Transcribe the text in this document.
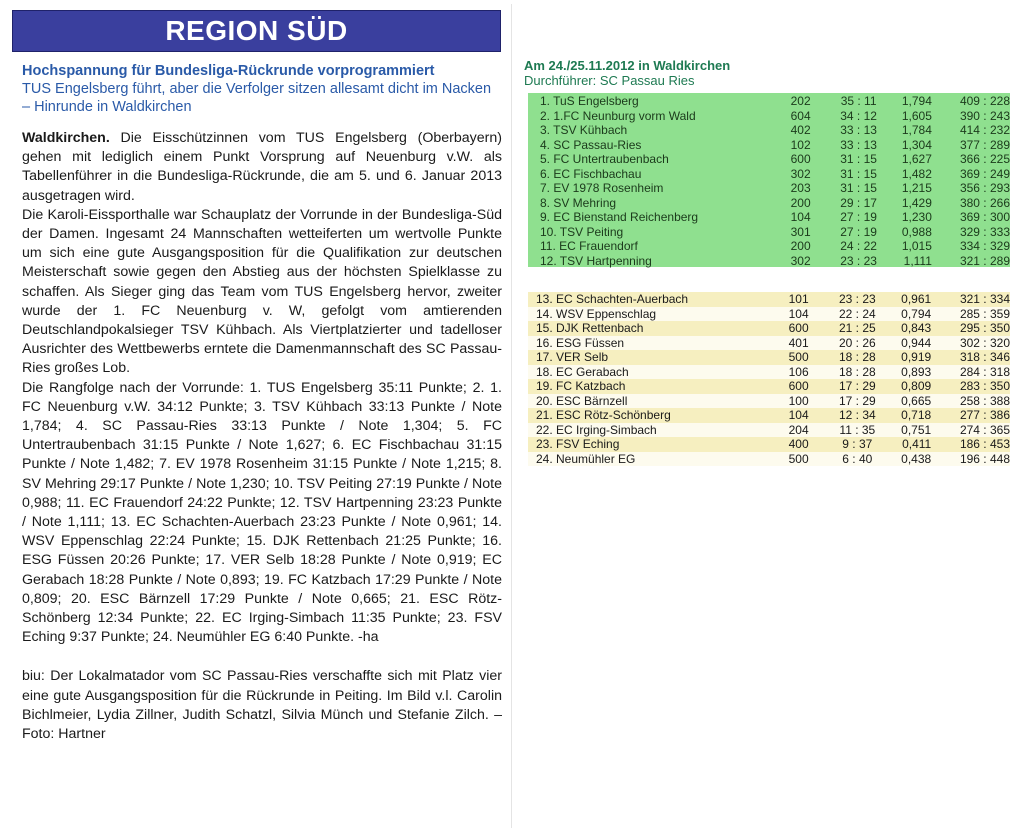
REGION SÜD

Hochspannung für Bundesliga-Rückrunde vorprogrammiert

TUS Engelsberg führt, aber die Verfolger sitzen allesamt dicht im Nacken – Hinrunde in Waldkirchen

Waldkirchen. Die Eisschützinnen vom TUS Engelsberg (Oberbayern) gehen mit lediglich einem Punkt Vorsprung auf Neuenburg v.W. als Tabellenführer in die Bundesliga-Rückrunde, die am 5. und 6. Januar 2013 ausgetragen wird.

Die Karoli-Eissporthalle war Schauplatz der Vorrunde in der Bundesliga-Süd der Damen. Ingesamt 24 Mannschaften wetteiferten um wertvolle Punkte um sich eine gute Ausgangsposition für die Qualifikation zur deutschen Meisterschaft sowie gegen den Abstieg aus der höchsten Spielklasse zu schaffen. Als Sieger ging das Team vom TUS Engelsberg hervor, zweiter wurde der 1. FC Neuenburg v. W, gefolgt vom amtierenden Deutschlandpokalsieger TSV Kühbach. Als Viertplatzierter und tadelloser Ausrichter des Wettbewerbs erntete die Damenmannschaft des SC Passau-Ries großes Lob.

Die Rangfolge nach der Vorrunde: 1. TUS Engelsberg 35:11 Punkte; 2. 1. FC Neuenburg v.W. 34:12 Punkte; 3. TSV Kühbach 33:13 Punkte / Note 1,784; 4. SC Passau-Ries 33:13 Punkte / Note 1,304; 5. FC Untertraubenbach 31:15 Punkte / Note 1,627; 6. EC Fischbachau 31:15 Punkte / Note 1,482; 7. EV 1978 Rosenheim 31:15 Punkte / Note 1,215; 8. SV Mehring 29:17 Punkte / Note 1,230; 10. TSV Peiting 27:19 Punkte / Note 0,988; 11. EC Frauendorf 24:22 Punkte; 12. TSV Hartpenning 23:23 Punkte / Note 1,111; 13. EC Schachten-Auerbach 23:23 Punkte / Note 0,961; 14. WSV Eppenschlag 22:24 Punkte; 15. DJK Rettenbach 21:25 Punkte; 16. ESG Füssen 20:26 Punkte; 17. VER Selb 18:28 Punkte / Note 0,919; EC Gerabach 18:28 Punkte / Note 0,893; 19. FC Katzbach 17:29 Punkte / Note 0,809; 20. ESC Bärnzell 17:29 Punkte / Note 0,665; 21. ESC Rötz-Schönberg 12:34 Punkte; 22. EC Irging-Simbach 11:35 Punkte; 23. FSV Eching 9:37 Punkte; 24. Neumühler EG 6:40 Punkte. -ha

biu: Der Lokalmatador vom SC Passau-Ries verschaffte sich mit Platz vier eine gute Ausgangsposition für die Rückrunde in Peiting. Im Bild v.l. Carolin Bichlmeier, Lydia Zillner, Judith Schatzl, Silvia Münch und Stefanie Zilch. – Foto: Hartner

Am 24./25.11.2012 in Waldkirchen

Durchführer: SC Passau Ries

1. TuS Engelsberg	202	35 : 11	1,794	409 : 228
2. 1.FC Neunburg vorm Wald	604	34 : 12	1,605	390 : 243
3. TSV Kühbach	402	33 : 13	1,784	414 : 232
4. SC Passau-Ries	102	33 : 13	1,304	377 : 289
5. FC Untertraubenbach	600	31 : 15	1,627	366 : 225
6. EC Fischbachau	302	31 : 15	1,482	369 : 249
7. EV 1978 Rosenheim	203	31 : 15	1,215	356 : 293
8. SV Mehring	200	29 : 17	1,429	380 : 266
9. EC Bienstand Reichenberg	104	27 : 19	1,230	369 : 300
10. TSV Peiting	301	27 : 19	0,988	329 : 333
11. EC Frauendorf	200	24 : 22	1,015	334 : 329
12. TSV Hartpenning	302	23 : 23	1,111	321 : 289
13. EC Schachten-Auerbach	101	23 : 23	0,961	321 : 334
14. WSV Eppenschlag	104	22 : 24	0,794	285 : 359
15. DJK Rettenbach	600	21 : 25	0,843	295 : 350
16. ESG Füssen	401	20 : 26	0,944	302 : 320
17. VER Selb	500	18 : 28	0,919	318 : 346
18. EC Gerabach	106	18 : 28	0,893	284 : 318
19. FC Katzbach	600	17 : 29	0,809	283 : 350
20. ESC Bärnzell	100	17 : 29	0,665	258 : 388
21. ESC Rötz-Schönberg	104	12 : 34	0,718	277 : 386
22. EC Irging-Simbach	204	11 : 35	0,751	274 : 365
23. FSV Eching	400	9 : 37	0,411	186 : 453
24. Neumühler EG	500	6 : 40	0,438	196 : 448
